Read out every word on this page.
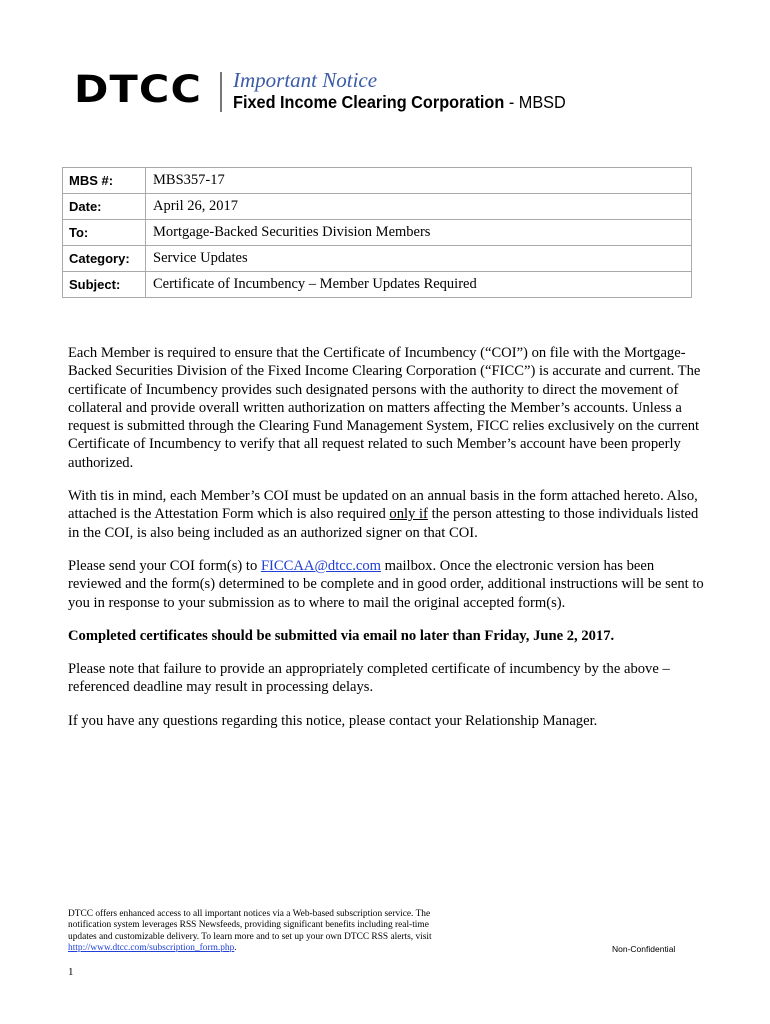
DTCC Important Notice
Fixed Income Clearing Corporation - MBSD
MBS #:	MBS357-17
Date:	April 26, 2017
To:	Mortgage-Backed Securities Division Members
Category:	Service Updates
Subject:	Certificate of Incumbency – Member Updates Required

Each Member is required to ensure that the Certificate of Incumbency (“COI”) on file with the Mortgage-Backed Securities Division of the Fixed Income Clearing Corporation (“FICC”) is accurate and current. The certificate of Incumbency provides such designated persons with the authority to direct the movement of collateral and provide overall written authorization on matters affecting the Member’s accounts. Unless a request is submitted through the Clearing Fund Management System, FICC relies exclusively on the current Certificate of Incumbency to verify that all request related to such Member’s account have been properly authorized.

With tis in mind, each Member’s COI must be updated on an annual basis in the form attached hereto. Also, attached is the Attestation Form which is also required only if the person attesting to those individuals listed in the COI, is also being included as an authorized signer on that COI.

Please send your COI form(s) to FICCAA@dtcc.com mailbox. Once the electronic version has been reviewed and the form(s) determined to be complete and in good order, additional instructions will be sent to you in response to your submission as to where to mail the original accepted form(s).

Completed certificates should be submitted via email no later than Friday, June 2, 2017.

Please note that failure to provide an appropriately completed certificate of incumbency by the above – referenced deadline may result in processing delays.

If you have any questions regarding this notice, please contact your Relationship Manager.

DTCC offers enhanced access to all important notices via a Web-based subscription service. The notification system leverages RSS Newsfeeds, providing significant benefits including real-time updates and customizable delivery. To learn more and to set up your own DTCC RSS alerts, visit http://www.dtcc.com/subscription_form.php.	Non-Confidential
1
